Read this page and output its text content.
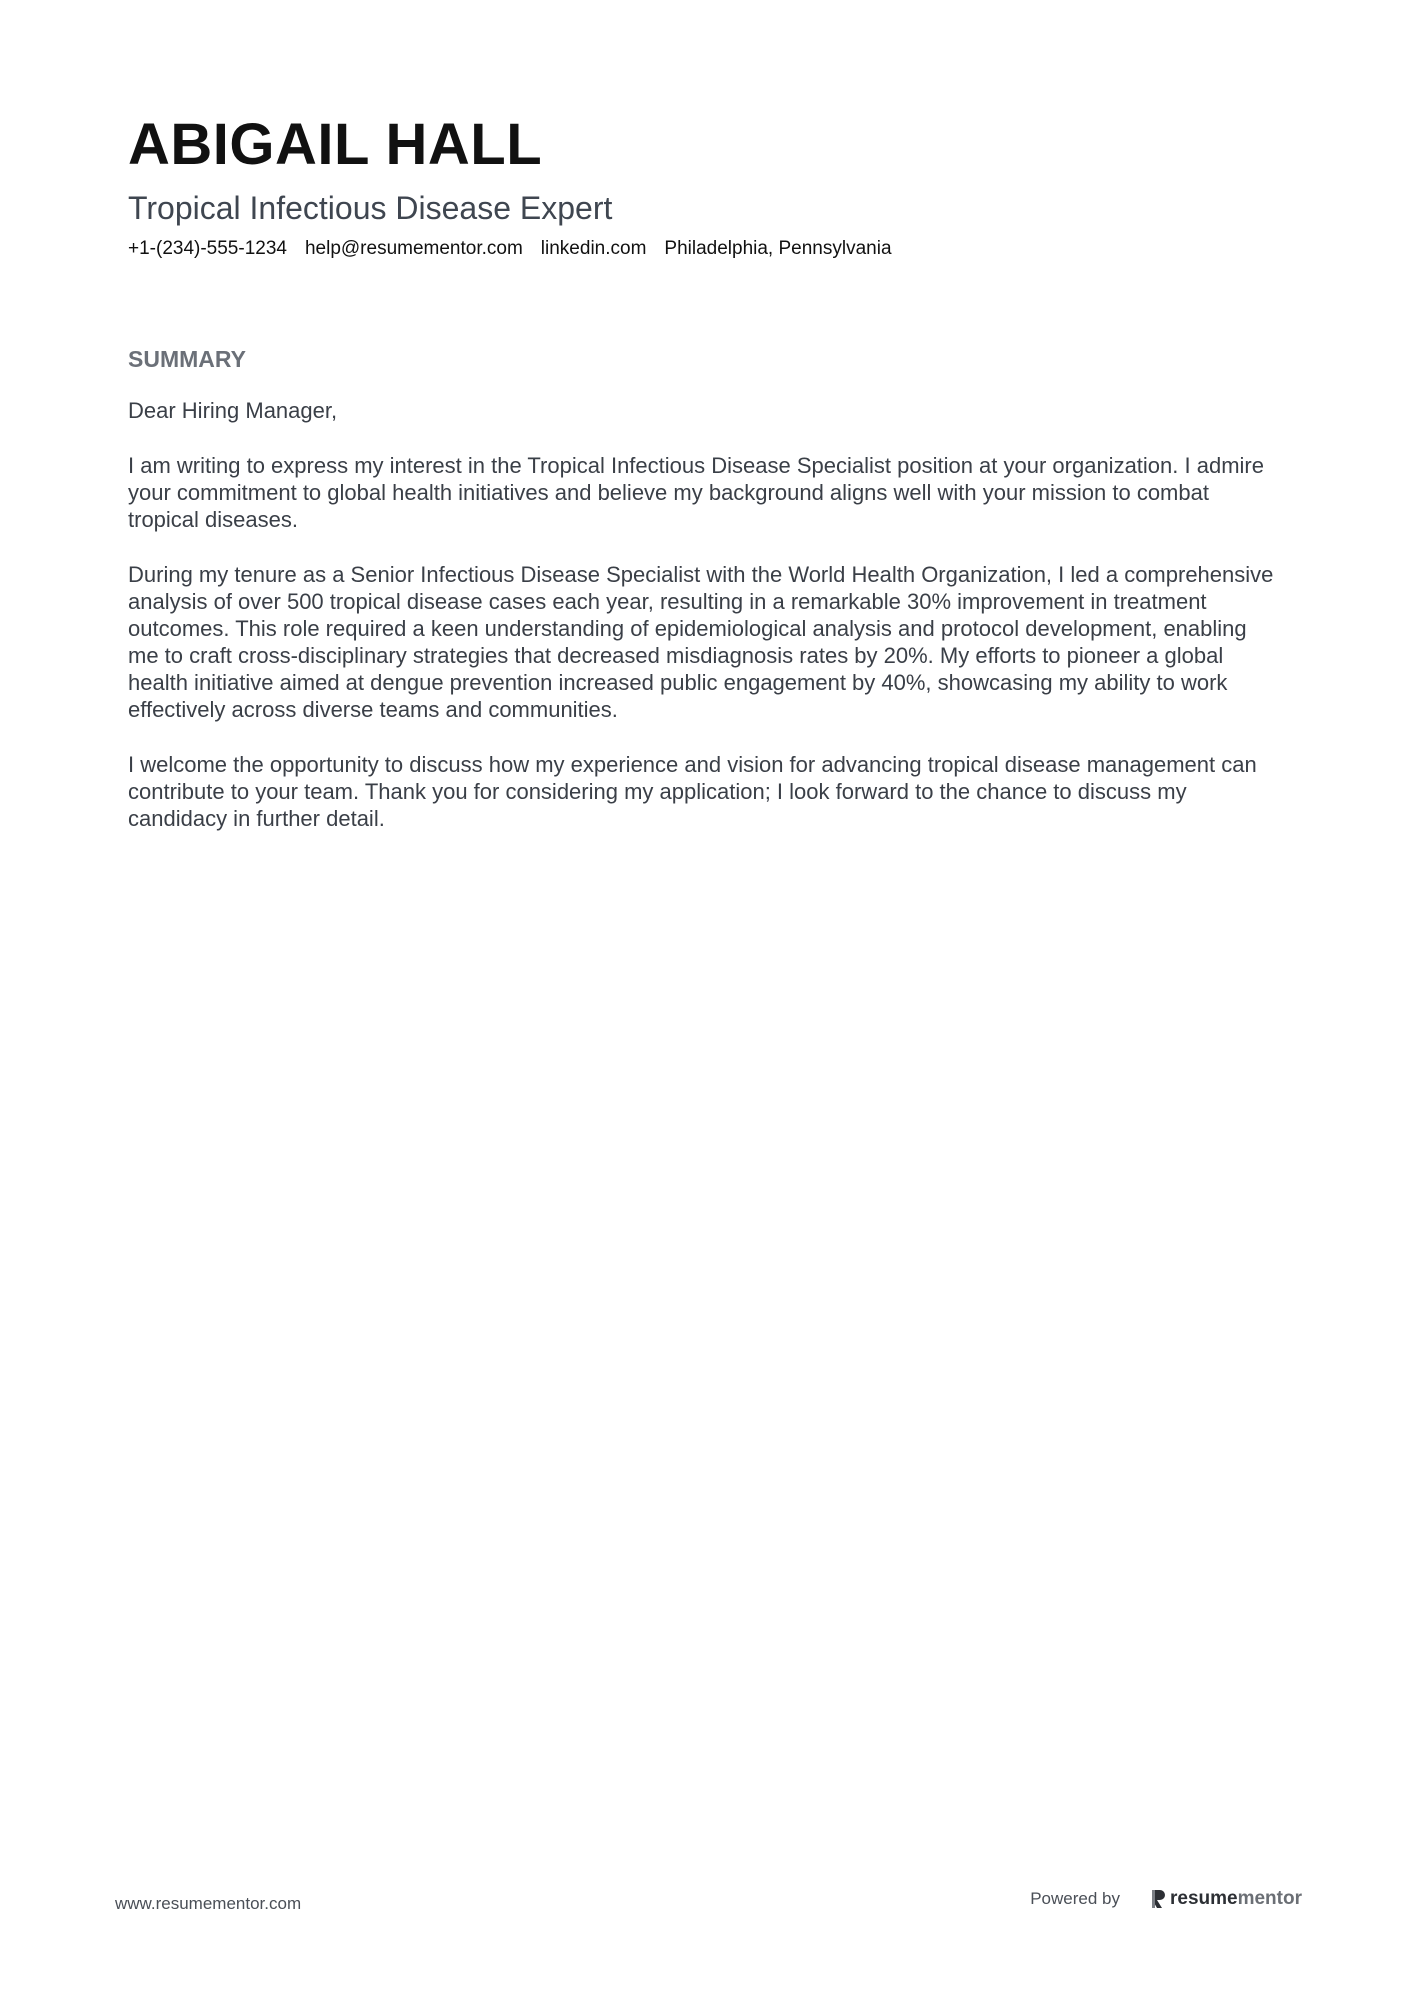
ABIGAIL HALL
Tropical Infectious Disease Expert
+1-(234)-555-1234 help@resumementor.com linkedin.com Philadelphia, Pennsylvania
SUMMARY

Dear Hiring Manager,

I am writing to express my interest in the Tropical Infectious Disease Specialist position at your organization. I admire your commitment to global health initiatives and believe my background aligns well with your mission to combat tropical diseases.

During my tenure as a Senior Infectious Disease Specialist with the World Health Organization, I led a comprehensive analysis of over 500 tropical disease cases each year, resulting in a remarkable 30% improvement in treatment outcomes. This role required a keen understanding of epidemiological analysis and protocol development, enabling me to craft cross-disciplinary strategies that decreased misdiagnosis rates by 20%. My efforts to pioneer a global health initiative aimed at dengue prevention increased public engagement by 40%, showcasing my ability to work effectively across diverse teams and communities.

I welcome the opportunity to discuss how my experience and vision for advancing tropical disease management can contribute to your team. Thank you for considering my application; I look forward to the chance to discuss my candidacy in further detail.

www.resumementor.com	Powered by	resumementor
